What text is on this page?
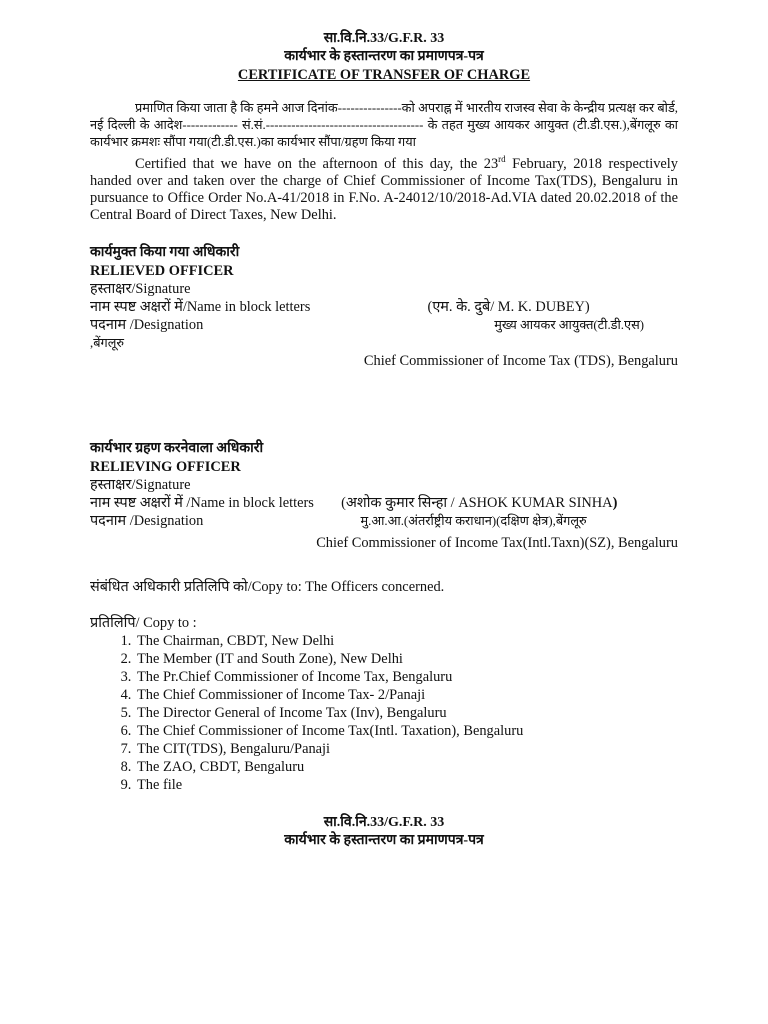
सा.वि.नि.33/G.F.R. 33
कार्यभार के हस्तान्तरण का प्रमाणपत्र-पत्र
CERTIFICATE OF TRANSFER OF CHARGE
प्रमाणित किया जाता है कि हमने आज दिनांक---------------को अपराह्न में भारतीय राजस्व सेवा के केन्द्रीय प्रत्यक्ष कर बोर्ड, नई दिल्ली के आदेश------------- सं.सं.------------------------------------- के तहत मुख्य आयकर आयुक्त (टी.डी.एस.),बेंगलूरु का कार्यभार क्रमशः सौंपा गया(टी.डी.एस.)का कार्यभार सौंपा/ग्रहण किया गया
Certified that we have on the afternoon of this day, the 23rd February, 2018 respectively handed over and taken over the charge of Chief Commissioner of Income Tax(TDS), Bengaluru in pursuance to Office Order No.A-41/2018 in F.No. A-24012/10/2018-Ad.VIA dated 20.02.2018 of the Central Board of Direct Taxes, New Delhi.
कार्यमुक्त किया गया अधिकारी
RELIEVED OFFICER
हस्ताक्षर/Signature
नाम स्पष्ट अक्षरों में/Name in block letters	(एम. के. दुबे/ M. K. DUBEY)
मुख्य आयकर आयुक्त(टी.डी.एस)
पदनाम /Designation
,बेंगलूरु
Chief Commissioner of Income Tax (TDS), Bengaluru
कार्यभार ग्रहण करनेवाला अधिकारी
RELIEVING OFFICER
हस्ताक्षर/Signature
नाम स्पष्ट अक्षरों में /Name in block letters (अशोक कुमार सिन्हा / ASHOK KUMAR SINHA)
पदनाम /Designation	मु.आ.आ.(अंतर्राष्ट्रीय कराधान)(दक्षिण क्षेत्र),बेंगलूरु
Chief Commissioner of Income Tax(Intl.Taxn)(SZ), Bengaluru
संबंधित अधिकारी प्रतिलिपि को/Copy to: The Officers concerned.
प्रतिलिपि/ Copy to :
1. The Chairman, CBDT, New Delhi
2. The Member (IT and South Zone), New Delhi
3. The Pr.Chief Commissioner of Income Tax, Bengaluru
4. The Chief Commissioner of Income Tax- 2/Panaji
5. The Director General of Income Tax (Inv), Bengaluru
6. The Chief Commissioner of Income Tax(Intl. Taxation), Bengaluru
7. The CIT(TDS), Bengaluru/Panaji
8. The ZAO, CBDT, Bengaluru
9. The file
सा.वि.नि.33/G.F.R. 33
कार्यभार के हस्तान्तरण का प्रमाणपत्र-पत्र
